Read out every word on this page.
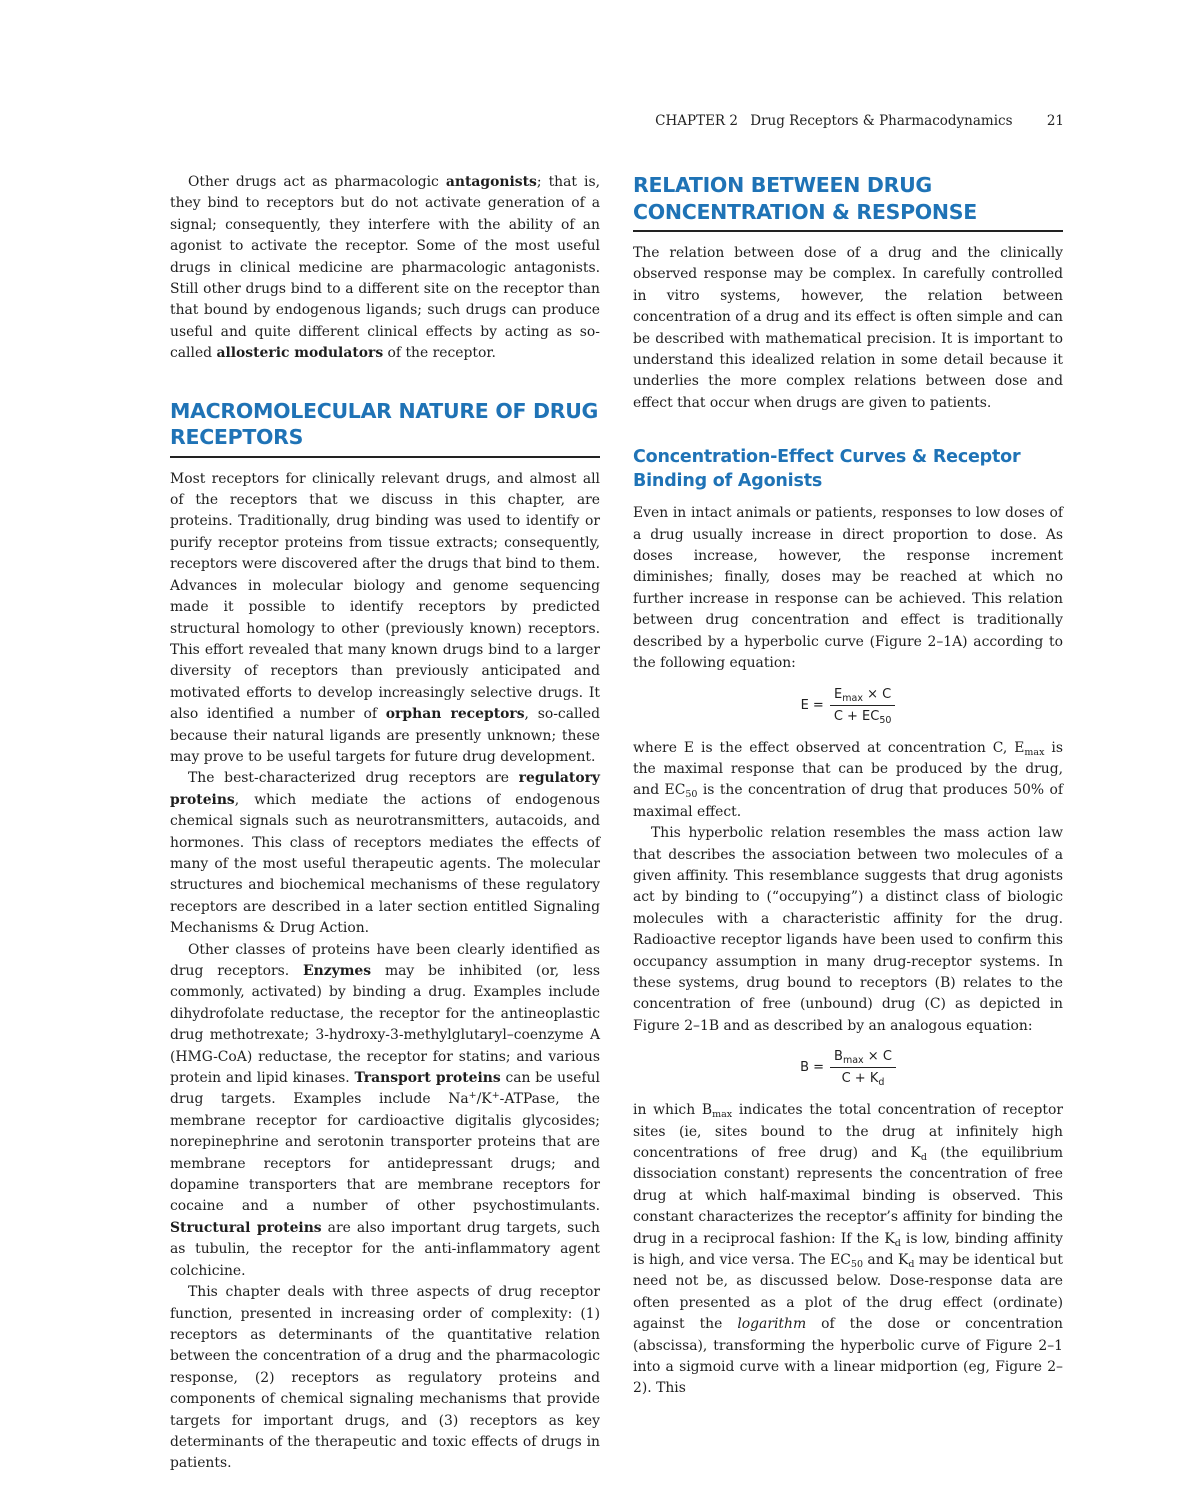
CHAPTER 2 Drug Receptors & Pharmacodynamics	21

Other drugs act as pharmacologic antagonists; that is, they bind to receptors but do not activate generation of a signal; consequently, they interfere with the ability of an agonist to activate the receptor. Some of the most useful drugs in clinical medicine are pharmacologic antagonists. Still other drugs bind to a different site on the receptor than that bound by endogenous ligands; such drugs can produce useful and quite different clinical effects by acting as so-called allosteric modulators of the receptor.

MACROMOLECULAR NATURE OF DRUG RECEPTORS

Most receptors for clinically relevant drugs, and almost all of the receptors that we discuss in this chapter, are proteins. Traditionally, drug binding was used to identify or purify receptor proteins from tissue extracts; consequently, receptors were discovered after the drugs that bind to them. Advances in molecular biology and genome sequencing made it possible to identify receptors by predicted structural homology to other (previously known) receptors. This effort revealed that many known drugs bind to a larger diversity of receptors than previously anticipated and motivated efforts to develop increasingly selective drugs. It also identified a number of orphan receptors, so-called because their natural ligands are presently unknown; these may prove to be useful targets for future drug development.

The best-characterized drug receptors are regulatory proteins, which mediate the actions of endogenous chemical signals such as neurotransmitters, autacoids, and hormones. This class of receptors mediates the effects of many of the most useful therapeutic agents. The molecular structures and biochemical mechanisms of these regulatory receptors are described in a later section entitled Signaling Mechanisms & Drug Action.

Other classes of proteins have been clearly identified as drug receptors. Enzymes may be inhibited (or, less commonly, activated) by binding a drug. Examples include dihydrofolate reductase, the receptor for the antineoplastic drug methotrexate; 3-hydroxy-3-methylglutaryl–coenzyme A (HMG-CoA) reductase, the receptor for statins; and various protein and lipid kinases. Transport proteins can be useful drug targets. Examples include Na+/K+-ATPase, the membrane receptor for cardioactive digitalis glycosides; norepinephrine and serotonin transporter proteins that are membrane receptors for antidepressant drugs; and dopamine transporters that are membrane receptors for cocaine and a number of other psychostimulants. Structural proteins are also important drug targets, such as tubulin, the receptor for the anti-inflammatory agent colchicine.

This chapter deals with three aspects of drug receptor function, presented in increasing order of complexity: (1) receptors as determinants of the quantitative relation between the concentration of a drug and the pharmacologic response, (2) receptors as regulatory proteins and components of chemical signaling mechanisms that provide targets for important drugs, and (3) receptors as key determinants of the therapeutic and toxic effects of drugs in patients.

RELATION BETWEEN DRUG CONCENTRATION & RESPONSE

The relation between dose of a drug and the clinically observed response may be complex. In carefully controlled in vitro systems, however, the relation between concentration of a drug and its effect is often simple and can be described with mathematical precision. It is important to understand this idealized relation in some detail because it underlies the more complex relations between dose and effect that occur when drugs are given to patients.

Concentration-Effect Curves & Receptor Binding of Agonists

Even in intact animals or patients, responses to low doses of a drug usually increase in direct proportion to dose. As doses increase, however, the response increment diminishes; finally, doses may be reached at which no further increase in response can be achieved. This relation between drug concentration and effect is traditionally described by a hyperbolic curve (Figure 2–1A) according to the following equation:

$E = \frac{E_{max} \times C}{C + EC_{50}}$

where E is the effect observed at concentration C, $E_{max}$ is the maximal response that can be produced by the drug, and $EC_{50}$ is the concentration of drug that produces 50% of maximal effect.

This hyperbolic relation resembles the mass action law that describes the association between two molecules of a given affinity. This resemblance suggests that drug agonists act by binding to (“occupying”) a distinct class of biologic molecules with a characteristic affinity for the drug. Radioactive receptor ligands have been used to confirm this occupancy assumption in many drug-receptor systems. In these systems, drug bound to receptors (B) relates to the concentration of free (unbound) drug (C) as depicted in Figure 2–1B and as described by an analogous equation:

$B = \frac{B_{max} \times C}{C + K_d}$

in which $B_{max}$ indicates the total concentration of receptor sites (ie, sites bound to the drug at infinitely high concentrations of free drug) and $K_d$ (the equilibrium dissociation constant) represents the concentration of free drug at which half-maximal binding is observed. This constant characterizes the receptor’s affinity for binding the drug in a reciprocal fashion: If the $K_d$ is low, binding affinity is high, and vice versa. The $EC_{50}$ and $K_d$ may be identical but need not be, as discussed below. Dose-response data are often presented as a plot of the drug effect (ordinate) against the logarithm of the dose or concentration (abscissa), transforming the hyperbolic curve of Figure 2–1 into a sigmoid curve with a linear midportion (eg, Figure 2–2). This
